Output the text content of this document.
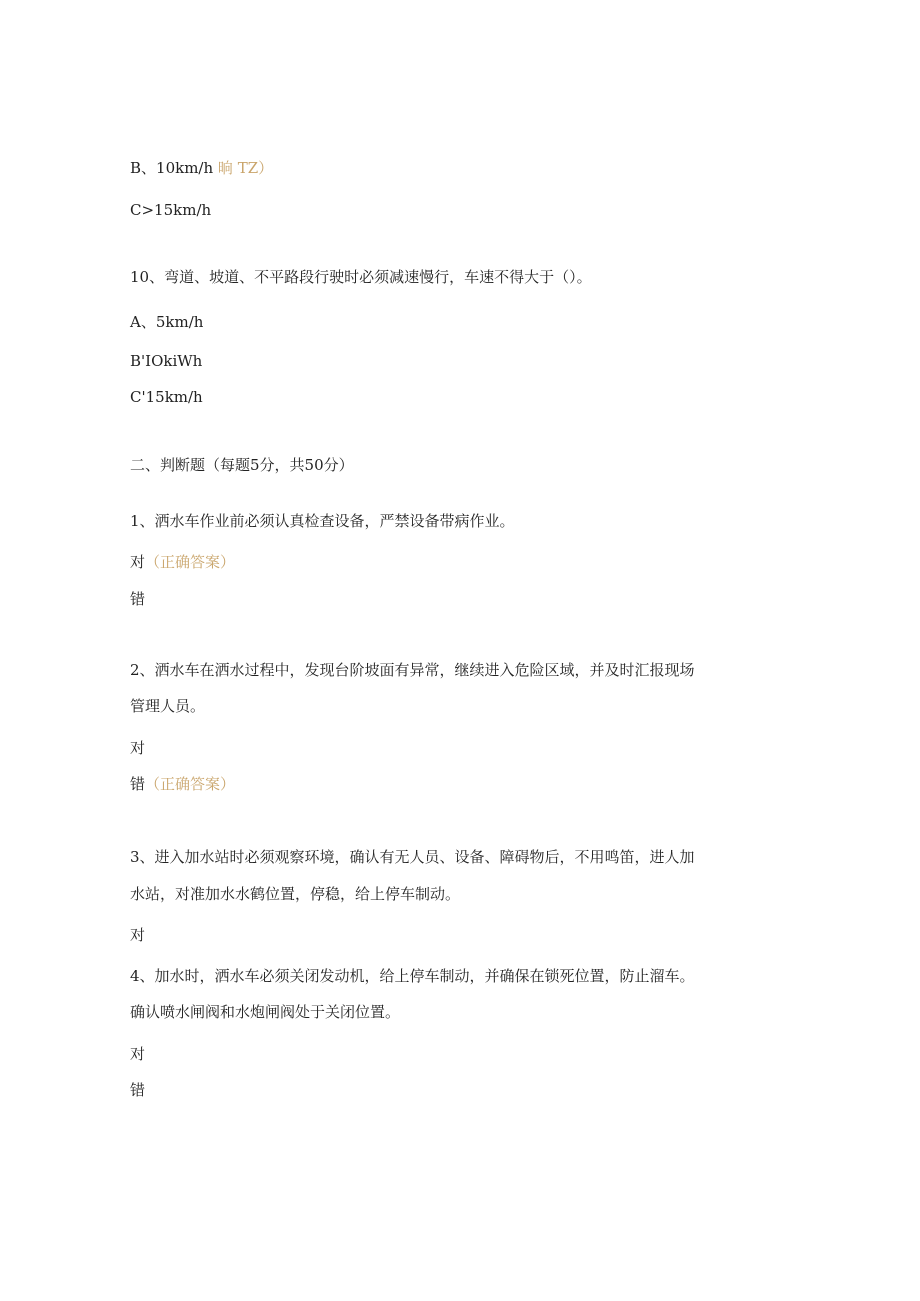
B、10km/h 晌 TZ）
C>15km/h
10、弯道、坡道、不平路段行驶时必须减速慢行，车速不得大于（）。
A、5km/h
B'IOkiWh
C'15km/h
二、判断题（每题5分，共50分）
1、洒水车作业前必须认真检查设备，严禁设备带病作业。
对（正确答案）
错
2、洒水车在洒水过程中，发现台阶坡面有异常，继续进入危险区域，并及时汇报现场
管理人员。
对
错（正确答案）
3、进入加水站时必须观察环境，确认有无人员、设备、障碍物后，不用鸣笛，进人加
水站，对准加水水鹤位置，停稳，给上停车制动。
对
4、加水时，洒水车必须关闭发动机，给上停车制动，并确保在锁死位置，防止溜车。
确认喷水闸阀和水炮闸阀处于关闭位置。
对
错
